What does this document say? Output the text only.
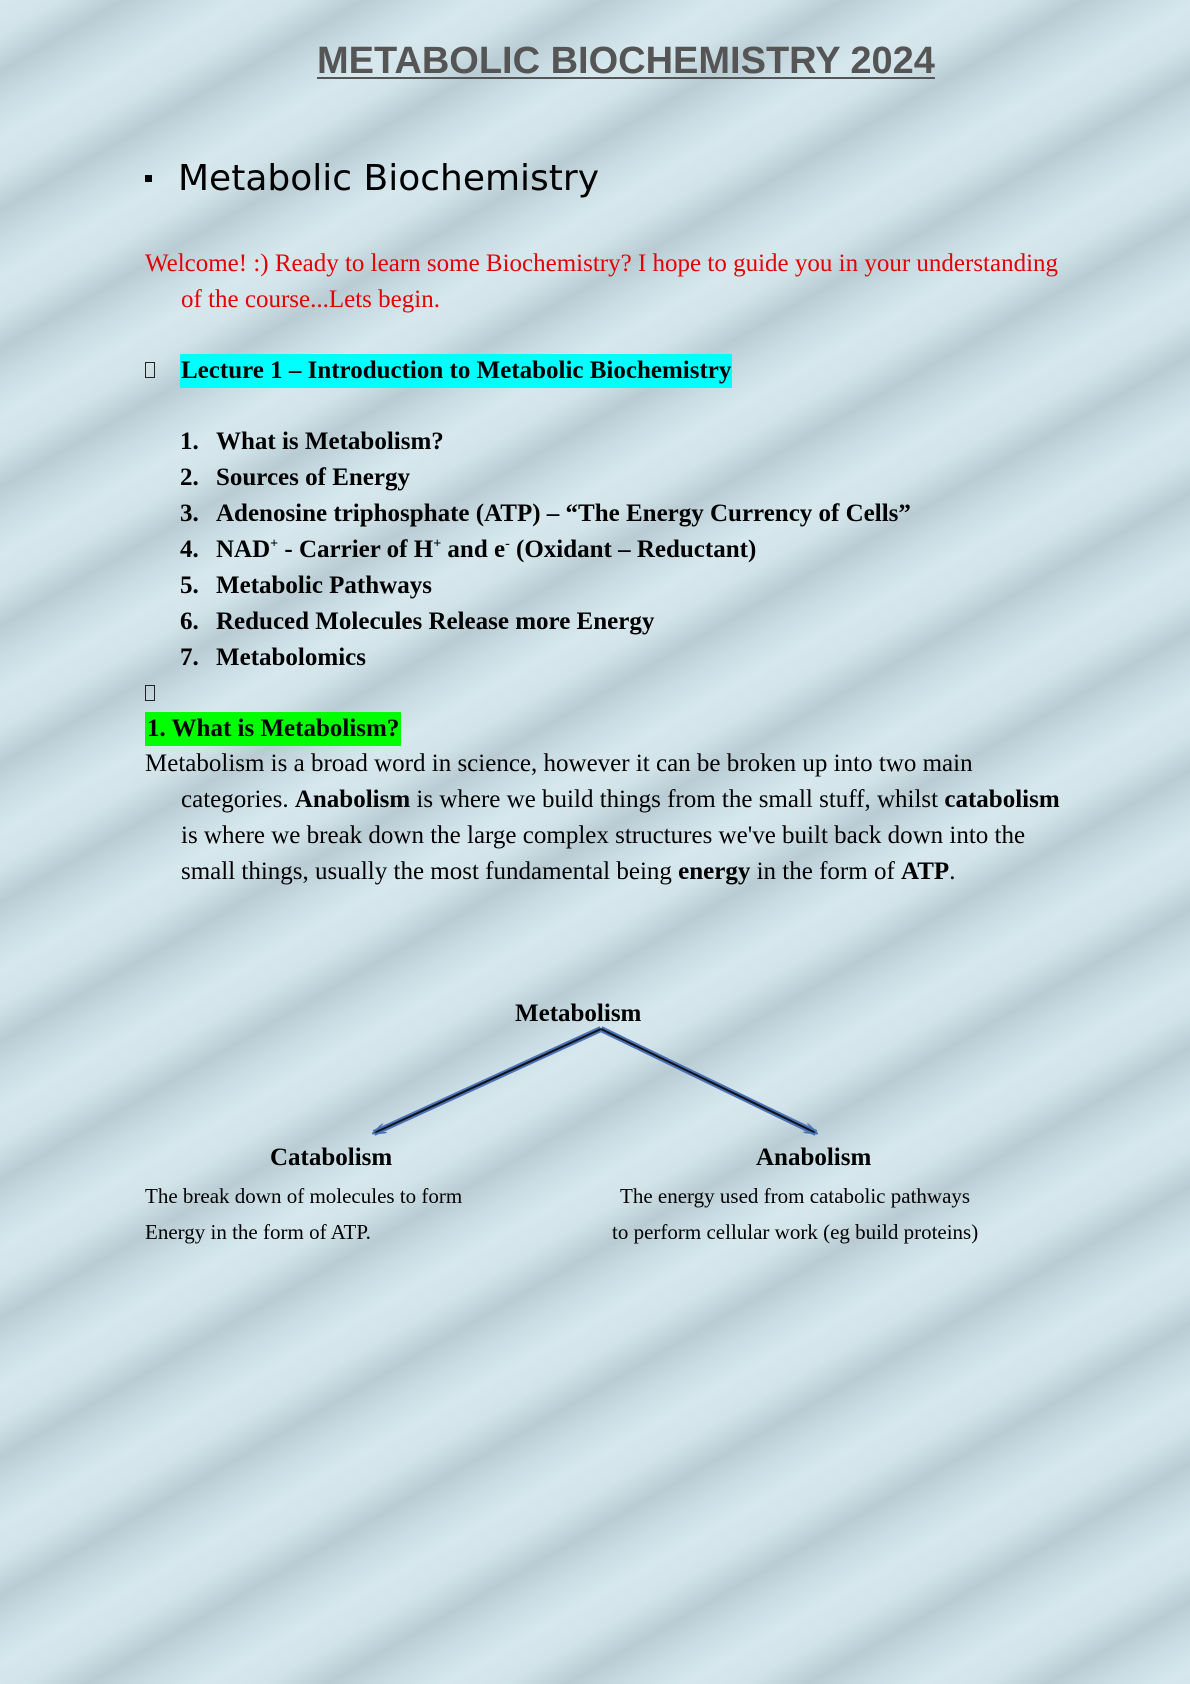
METABOLIC BIOCHEMISTRY 2024
Metabolic Biochemistry
Welcome! :) Ready to learn some Biochemistry? I hope to guide you in your understanding of the course...Lets begin.
Lecture 1 – Introduction to Metabolic Biochemistry
1. What is Metabolism?
2. Sources of Energy
3. Adenosine triphosphate (ATP) – “The Energy Currency of Cells”
4. NAD+ - Carrier of H+ and e- (Oxidant – Reductant)
5. Metabolic Pathways
6. Reduced Molecules Release more Energy
7. Metabolomics
1. What is Metabolism?
Metabolism is a broad word in science, however it can be broken up into two main categories. Anabolism is where we build things from the small stuff, whilst catabolism is where we break down the large complex structures we've built back down into the small things, usually the most fundamental being energy in the form of ATP.
Metabolism
Catabolism
The break down of molecules to form
Energy in the form of ATP.
Anabolism
The energy used from catabolic pathways
to perform cellular work (eg build proteins)
